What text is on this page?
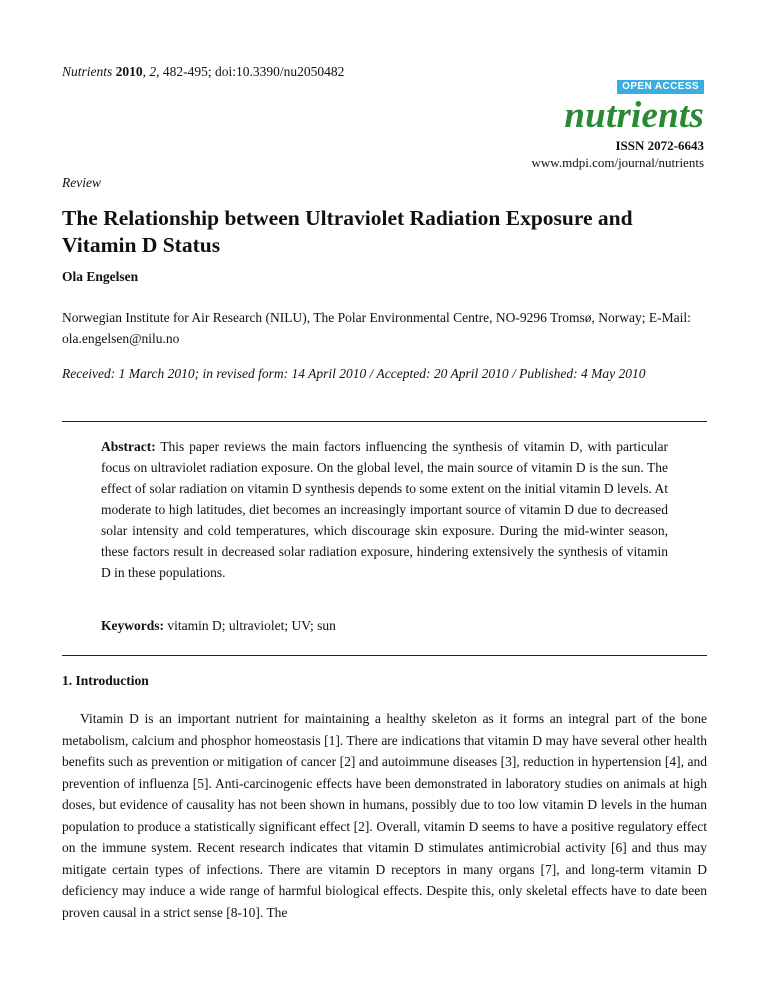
Nutrients 2010, 2, 482-495; doi:10.3390/nu2050482
OPEN ACCESS
nutrients
ISSN 2072-6643
www.mdpi.com/journal/nutrients
Review
The Relationship between Ultraviolet Radiation Exposure and Vitamin D Status
Ola Engelsen
Norwegian Institute for Air Research (NILU), The Polar Environmental Centre, NO-9296 Tromsø, Norway; E-Mail: ola.engelsen@nilu.no
Received: 1 March 2010; in revised form: 14 April 2010 / Accepted: 20 April 2010 / Published: 4 May 2010
Abstract: This paper reviews the main factors influencing the synthesis of vitamin D, with particular focus on ultraviolet radiation exposure. On the global level, the main source of vitamin D is the sun. The effect of solar radiation on vitamin D synthesis depends to some extent on the initial vitamin D levels. At moderate to high latitudes, diet becomes an increasingly important source of vitamin D due to decreased solar intensity and cold temperatures, which discourage skin exposure. During the mid-winter season, these factors result in decreased solar radiation exposure, hindering extensively the synthesis of vitamin D in these populations.
Keywords: vitamin D; ultraviolet; UV; sun
1. Introduction

Vitamin D is an important nutrient for maintaining a healthy skeleton as it forms an integral part of the bone metabolism, calcium and phosphor homeostasis [1]. There are indications that vitamin D may have several other health benefits such as prevention or mitigation of cancer [2] and autoimmune diseases [3], reduction in hypertension [4], and prevention of influenza [5]. Anti-carcinogenic effects have been demonstrated in laboratory studies on animals at high doses, but evidence of causality has not been shown in humans, possibly due to too low vitamin D levels in the human population to produce a statistically significant effect [2]. Overall, vitamin D seems to have a positive regulatory effect on the immune system. Recent research indicates that vitamin D stimulates antimicrobial activity [6] and thus may mitigate certain types of infections. There are vitamin D receptors in many organs [7], and long-term vitamin D deficiency may induce a wide range of harmful biological effects. Despite this, only skeletal effects have to date been proven causal in a strict sense [8-10]. The
